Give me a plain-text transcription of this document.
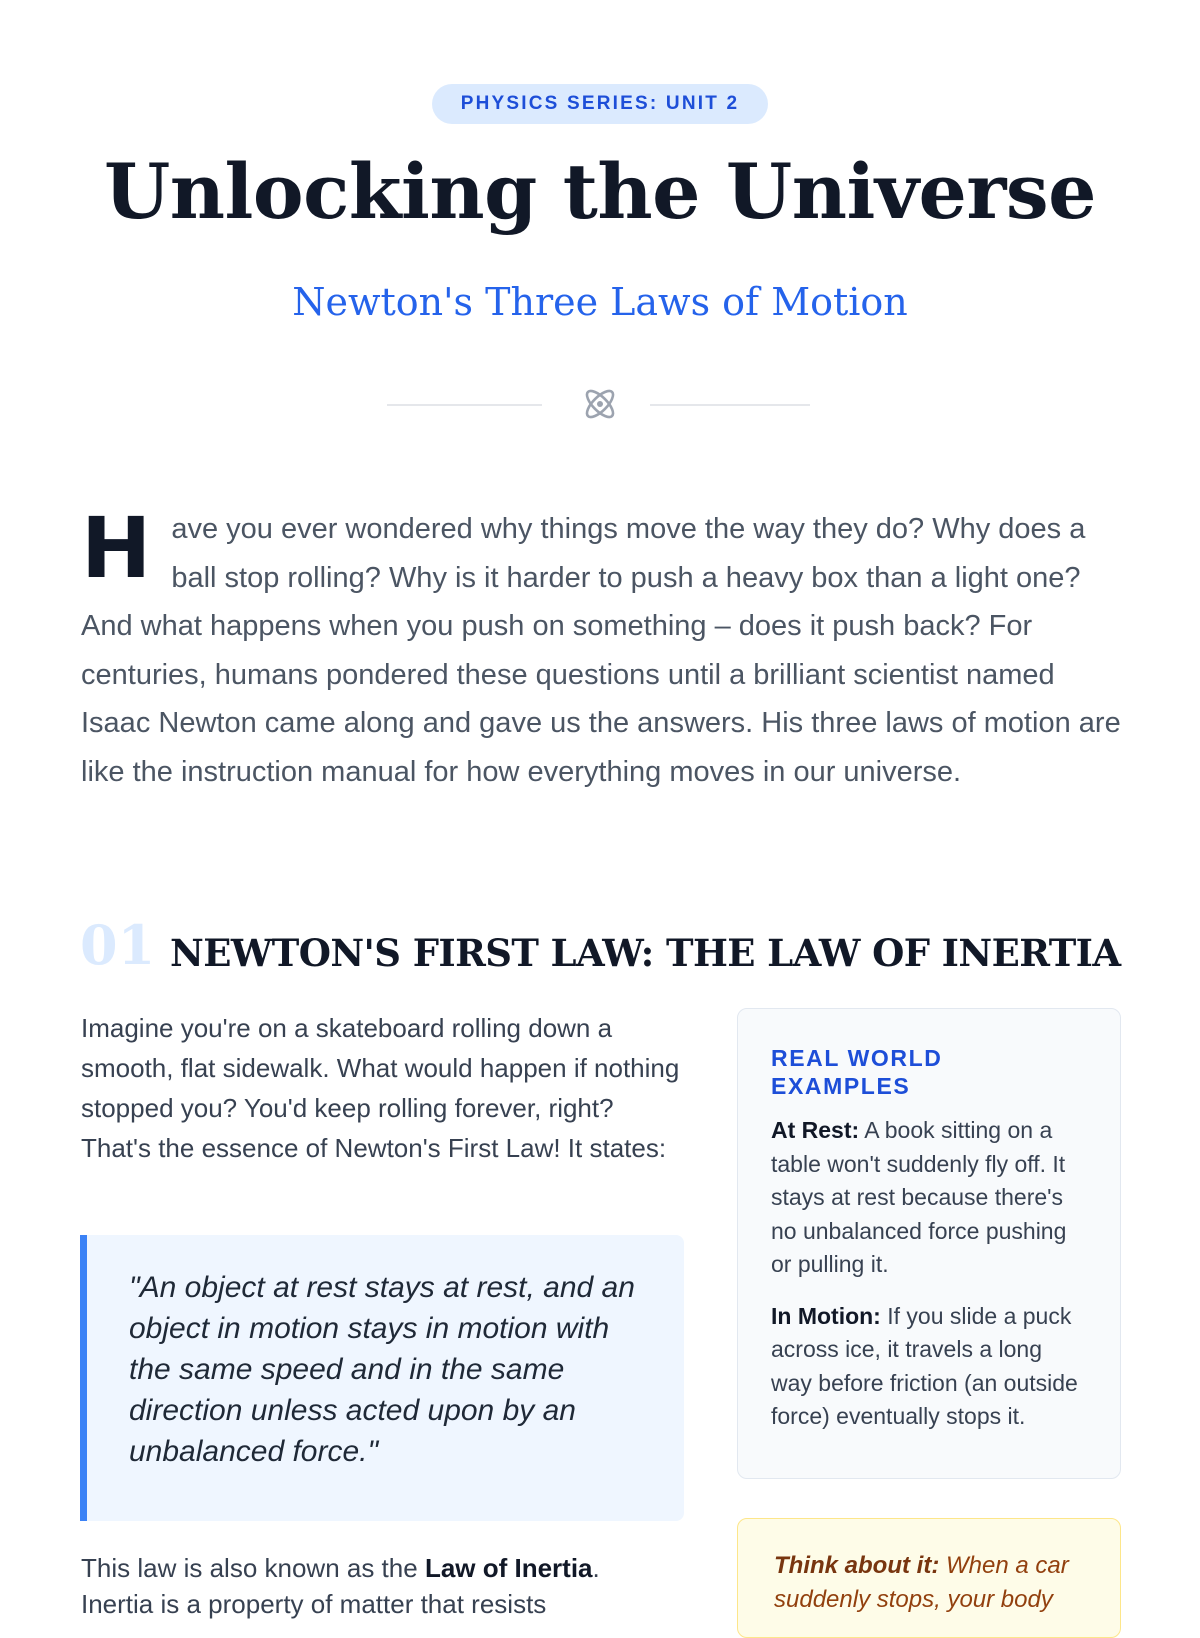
PHYSICS SERIES: UNIT 2
Unlocking the Universe
Newton's Three Laws of Motion
H ave you ever wondered why things move the way they do? Why does a ball stop rolling? Why is it harder to push a heavy box than a light one? And what happens when you push on something – does it push back? For centuries, humans pondered these questions until a brilliant scientist named Isaac Newton came along and gave us the answers. His three laws of motion are like the instruction manual for how everything moves in our universe.
01 NEWTON'S FIRST LAW: THE LAW OF INERTIA
Imagine you're on a skateboard rolling down a smooth, flat sidewalk. What would happen if nothing stopped you? You'd keep rolling forever, right? That's the essence of Newton's First Law! It states:

"An object at rest stays at rest, and an object in motion stays in motion with the same speed and in the same direction unless acted upon by an unbalanced force."

This law is also known as the Law of Inertia.
Inertia is a property of matter that resists
REAL WORLD EXAMPLES

At Rest: A book sitting on a table won't suddenly fly off. It stays at rest because there's no unbalanced force pushing or pulling it.

In Motion: If you slide a puck across ice, it travels a long way before friction (an outside force) eventually stops it.

Think about it: When a car suddenly stops, your body
